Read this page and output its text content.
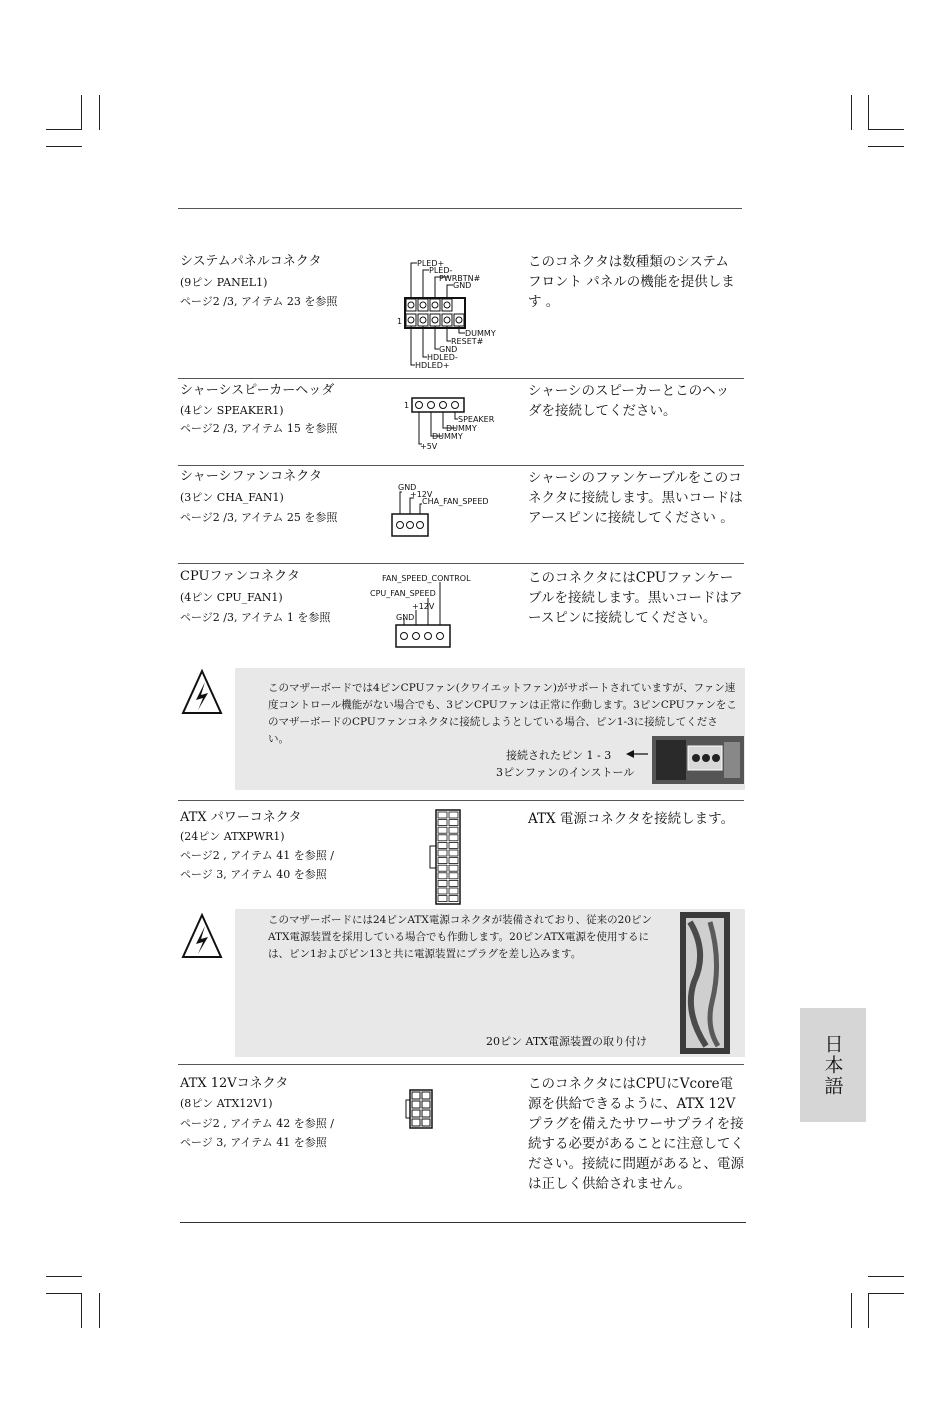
システムパネルコネクタ
(9ピン PANEL1)
ページ2 /3, アイテム 23 を参照
PLED+
PLED-
PWRBTN#
GND
DUMMY
RESET#
GND
HDLED-
HDLED+
1
このコネクタは数種類のシステム フロント パネルの機能を提供します 。
シャーシスピーカーヘッダ
(4ピン SPEAKER1)
ページ2 /3, アイテム 15 を参照
1
SPEAKER
DUMMY
DUMMY
+5V
シャーシのスピーカーとこのヘッダを接続してください。
シャーシファンコネクタ
(3ピン CHA_FAN1)
ページ2 /3, アイテム 25 を参照
GND
+12V
CHA_FAN_SPEED
シャーシのファンケーブルをこのコネクタに接続します。黒いコードはアースピンに接続してください 。
CPUファンコネクタ
(4ピン CPU_FAN1)
ページ2 /3, アイテム 1 を参照
FAN_SPEED_CONTROL
CPU_FAN_SPEED
+12V
GND
このコネクタにはCPUファンケーブルを接続します。黒いコードはアースピンに接続してください。
このマザーボードでは4ピンCPUファン(クワイエットファン)がサポートされていますが、ファン速度コントロール機能がない場合でも、3ピンCPUファンは正常に作動します。3ピンCPUファンをこのマザーボードのCPUファンコネクタに接続しようとしている場合、ピン1-3に接続してください。
接続されたピン 1 - 3
3ピンファンのインストール
ATX パワーコネクタ
(24ピン ATXPWR1)
ページ2 , アイテム 41 を参照 /
ページ 3, アイテム 40 を参照
ATX 電源コネクタを接続します。
このマザーボードには24ピンATX電源コネクタが装備されており、従来の20ピンATX電源装置を採用している場合でも作動します。20ピンATX電源を使用するには、ピン1およびピン13と共に電源装置にプラグを差し込みます。
20ピン ATX電源装置の取り付け
ATX 12Vコネクタ
(8ピン ATX12V1)
ページ2 , アイテム 42 を参照 /
ページ 3, アイテム 41 を参照
このコネクタにはCPUにVcore電源を供給できるように、ATX 12Vプラグを備えたサワーサプライを接続する必要があることに注意してください。接続に問題があると、電源は正しく供給されません。
日本語
